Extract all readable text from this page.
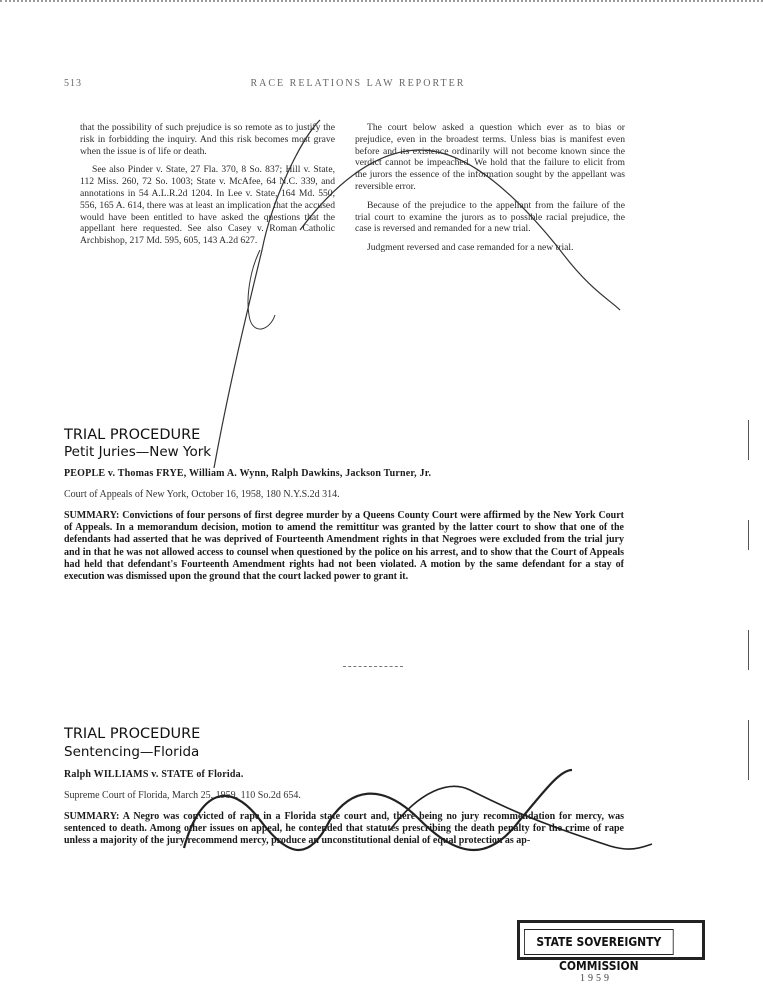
513	RACE RELATIONS LAW REPORTER

that the possibility of such prejudice is so remote as to justify the risk in forbidding the inquiry. And this risk becomes most grave when the issue is of life or death.

See also Pinder v. State, 27 Fla. 370, 8 So. 837; Hill v. State, 112 Miss. 260, 72 So. 1003; State v. McAfee, 64 N.C. 339, and annotations in 54 A.L.R.2d 1204. In Lee v. State, 164 Md. 550, 556, 165 A. 614, there was at least an implication that the accused would have been entitled to have asked the questions that the appellant here requested. See also Casey v. Roman Catholic Archbishop, 217 Md. 595, 605, 143 A.2d 627.

The court below asked a question which ever as to bias or prejudice, even in the broadest terms. Unless bias is manifest even before and its existence ordinarily will not become known since the verdict cannot be impeached. We hold that the failure to elicit from the jurors the essence of the information sought by the appellant was reversible error.

Because of the prejudice to the appellant from the failure of the trial court to examine the jurors as to possible racial prejudice, the case is reversed and remanded for a new trial.

Judgment reversed and case remanded for a new trial.

TRIAL PROCEDURE
Petit Juries—New York
PEOPLE v. Thomas FRYE, William A. Wynn, Ralph Dawkins, Jackson Turner, Jr.
Court of Appeals of New York, October 16, 1958, 180 N.Y.S.2d 314.
SUMMARY: Convictions of four persons of first degree murder by a Queens County Court were affirmed by the New York Court of Appeals. In a memorandum decision, motion to amend the remittitur was granted by the latter court to show that one of the defendants had asserted that he was deprived of Fourteenth Amendment rights in that Negroes were excluded from the trial jury and in that he was not allowed access to counsel when questioned by the police on his arrest, and to show that the Court of Appeals had held that defendant's Fourteenth Amendment rights had not been violated. A motion by the same defendant for a stay of execution was dismissed upon the ground that the court lacked power to grant it.
TRIAL PROCEDURE
Sentencing—Florida
Ralph WILLIAMS v. STATE of Florida.
Supreme Court of Florida, March 25, 1959, 110 So.2d 654.
SUMMARY: A Negro was convicted of rape in a Florida state court and, there being no jury recommendation for mercy, was sentenced to death. Among other issues on appeal, he contended that statutes prescribing the death penalty for the crime of rape unless a majority of the jury recommend mercy, produce an unconstitutional denial of equal protection as ap-
STATE SOVEREIGNTY COMMISSION
1959
